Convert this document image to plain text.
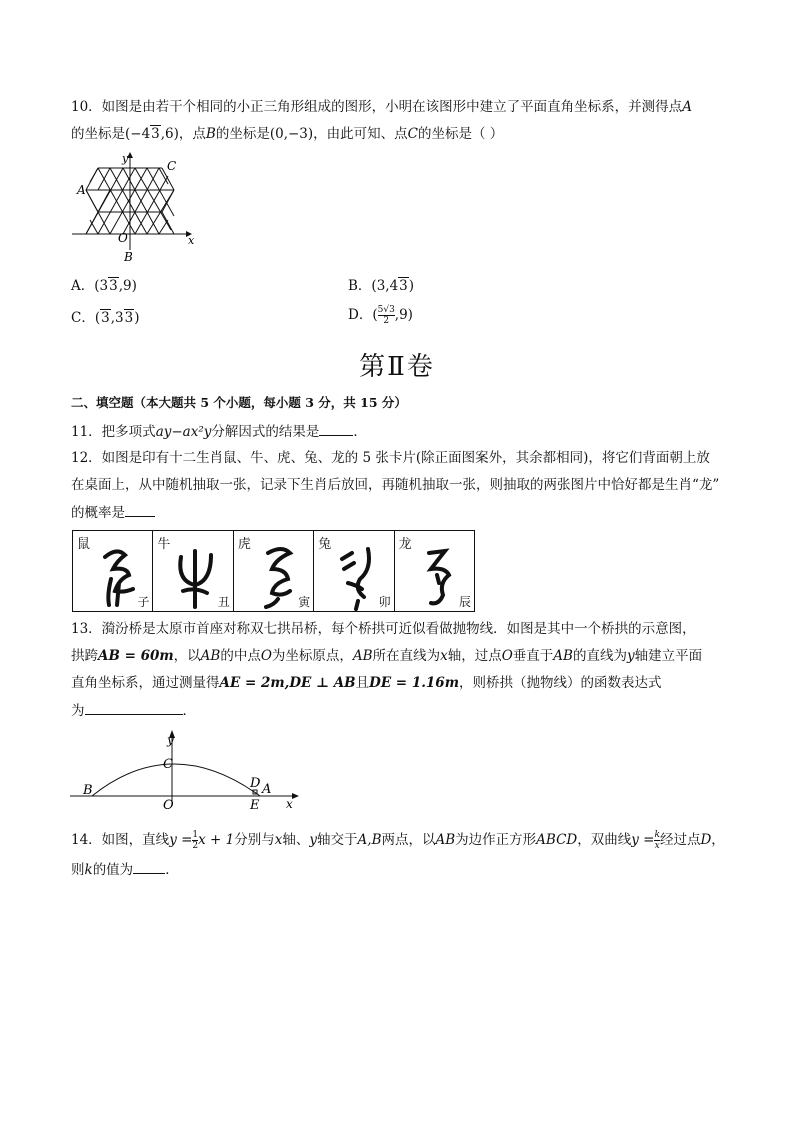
10．如图是由若干个相同的小正三角形组成的图形，小明在该图形中建立了平面直角坐标系，并测得点A
的坐标是(−43,6)，点B的坐标是(0,−3)，由此可知、点C的坐标是（ ）
y
x
C
A
O
B
A．(33,9)	B．(3,43)
C．(3,33)	D．( $\frac{5√3}{2} ,9$)
第Ⅱ卷
二、填空题（本大题共 5 个小题，每小题 3 分，共 15 分）
11．把多项式ay−ax²y分解因式的结果是	．
12．如图是印有十二生肖鼠、牛、虎、兔、龙的 5 张卡片(除正面图案外，其余都相同)，将它们背面朝上放
在桌面上，从中随机抽取一张，记录下生肖后放回，再随机抽取一张，则抽取的两张图片中恰好都是生肖“龙”
的概率是
鼠
子
牛
丑
虎
寅
兔
卯
龙
辰
13．漪汾桥是太原市首座对称双七拱吊桥，每个桥拱可近似看做抛物线．如图是其中一个桥拱的示意图，
拱跨AB = 60m，以AB的中点O为坐标原点，AB所在直线为x轴，过点O垂直于AB的直线为y轴建立平面
直角坐标系，通过测量得AE = 2m,DE ⊥ AB且DE = 1.16m，则桥拱（抛物线）的函数表达式
为	．
y
x
C
B
O	E
D A
14．如图，直线$y = \frac{1}{2}$ x + 1分别与x轴、y轴交于A,B两点，以AB为边作正方形ABCD，双曲线$y = \frac{k}{x}$ 经过点D，
则k的值为 ．
